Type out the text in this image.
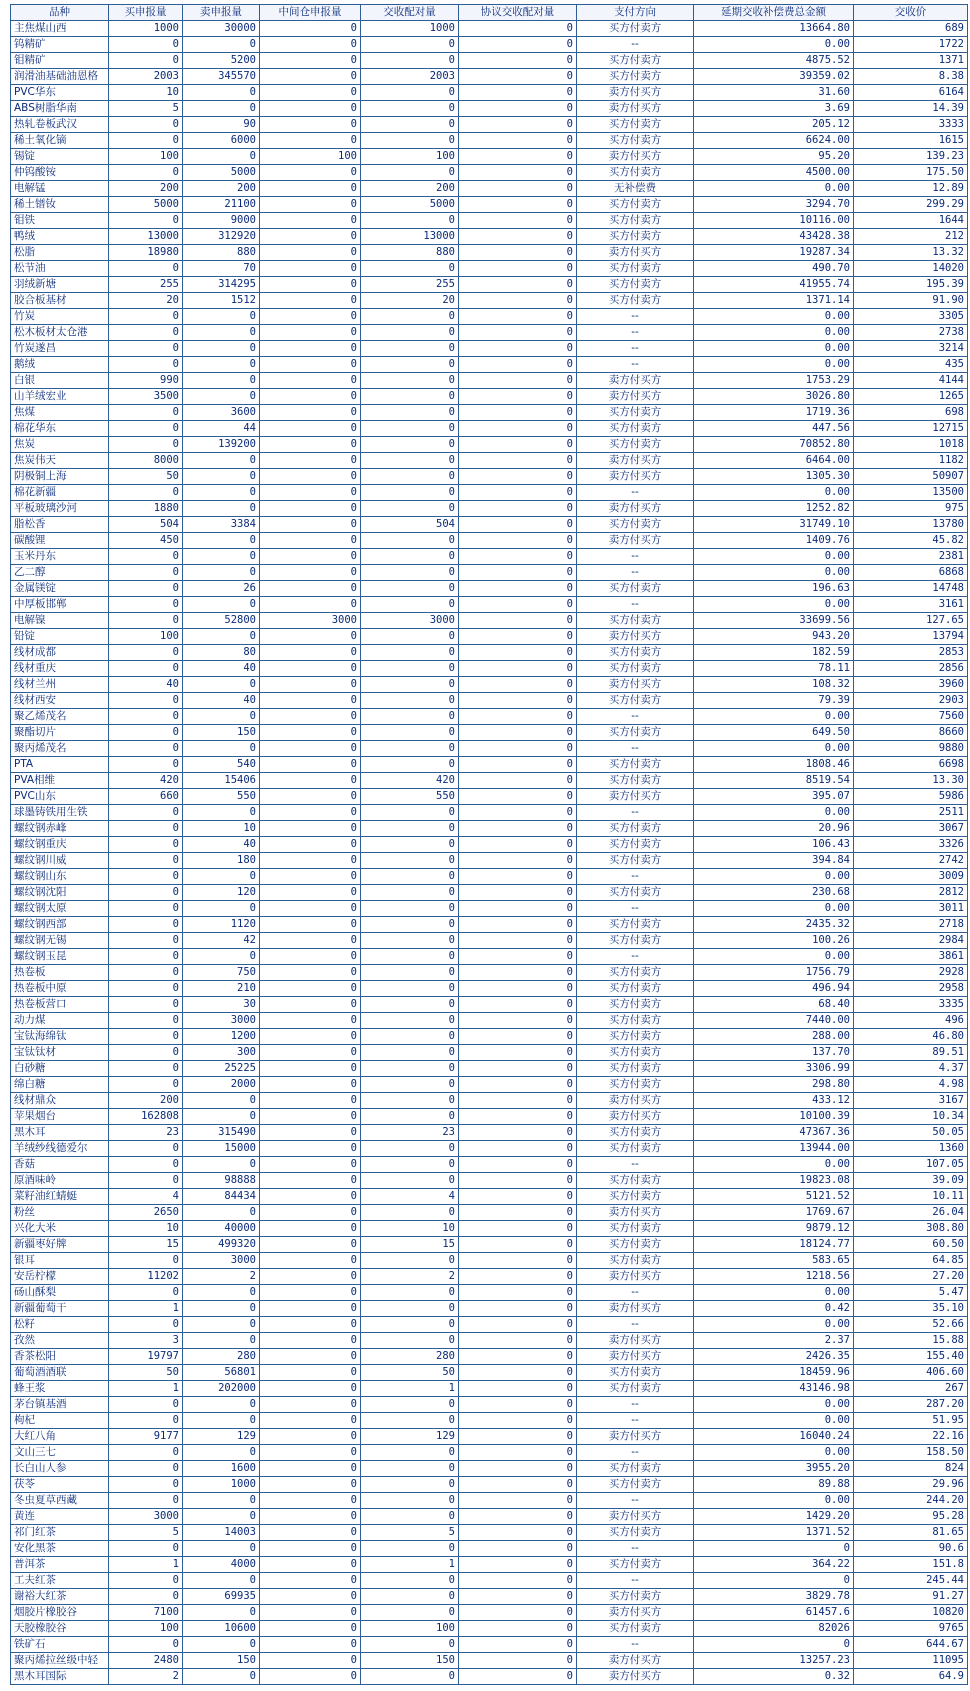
品种	买申报量	卖申报量	中间仓申报量	交收配对量	协议交收配对量	支付方向	延期交收补偿费总金额	交收价
主焦煤山西	1000	30000	0	1000	0	买方付卖方	13664.80	689
钨精矿	0	0	0	0	0	--	0.00	1722
钼精矿	0	5200	0	0	0	买方付卖方	4875.52	1371
润滑油基础油恩格	2003	345570	0	2003	0	买方付卖方	39359.02	8.38
PVC华东	10	0	0	0	0	卖方付买方	31.60	6164
ABS树脂华南	5	0	0	0	0	卖方付买方	3.69	14.39
热轧卷板武汉	0	90	0	0	0	买方付卖方	205.12	3333
稀土氧化镝	0	6000	0	0	0	买方付卖方	6624.00	1615
锡锭	100	0	100	100	0	卖方付买方	95.20	139.23
仲钨酸铵	0	5000	0	0	0	买方付卖方	4500.00	175.50
电解锰	200	200	0	200	0	无补偿费	0.00	12.89
稀土镨钕	5000	21100	0	5000	0	买方付卖方	3294.70	299.29
钼铁	0	9000	0	0	0	买方付卖方	10116.00	1644
鸭绒	13000	312920	0	13000	0	买方付卖方	43428.38	212
松脂	18980	880	0	880	0	卖方付买方	19287.34	13.32
松节油	0	70	0	0	0	买方付卖方	490.70	14020
羽绒新塘	255	314295	0	255	0	买方付卖方	41955.74	195.39
胶合板基材	20	1512	0	20	0	买方付卖方	1371.14	91.90
竹炭	0	0	0	0	0	--	0.00	3305
松木板材太仓港	0	0	0	0	0	--	0.00	2738
竹炭遂昌	0	0	0	0	0	--	0.00	3214
鹅绒	0	0	0	0	0	--	0.00	435
白银	990	0	0	0	0	卖方付买方	1753.29	4144
山羊绒宏业	3500	0	0	0	0	卖方付买方	3026.80	1265
焦煤	0	3600	0	0	0	买方付卖方	1719.36	698
棉花华东	0	44	0	0	0	买方付卖方	447.56	12715
焦炭	0	139200	0	0	0	买方付卖方	70852.80	1018
焦炭伟天	8000	0	0	0	0	卖方付买方	6464.00	1182
阴极铜上海	50	0	0	0	0	卖方付买方	1305.30	50907
棉花新疆	0	0	0	0	0	--	0.00	13500
平板玻璃沙河	1880	0	0	0	0	卖方付买方	1252.82	975
脂松香	504	3384	0	504	0	买方付卖方	31749.10	13780
碳酸锂	450	0	0	0	0	卖方付买方	1409.76	45.82
玉米丹东	0	0	0	0	0	--	0.00	2381
乙二醇	0	0	0	0	0	--	0.00	6868
金属镁锭	0	26	0	0	0	买方付卖方	196.63	14748
中厚板邯郸	0	0	0	0	0	--	0.00	3161
电解镍	0	52800	3000	3000	0	买方付卖方	33699.56	127.65
铅锭	100	0	0	0	0	卖方付买方	943.20	13794
线材成都	0	80	0	0	0	买方付卖方	182.59	2853
线材重庆	0	40	0	0	0	买方付卖方	78.11	2856
线材兰州	40	0	0	0	0	卖方付买方	108.32	3960
线材西安	0	40	0	0	0	买方付卖方	79.39	2903
聚乙烯茂名	0	0	0	0	0	--	0.00	7560
聚酯切片	0	150	0	0	0	买方付卖方	649.50	8660
聚丙烯茂名	0	0	0	0	0	--	0.00	9880
PTA	0	540	0	0	0	买方付卖方	1808.46	6698
PVA相维	420	15406	0	420	0	买方付卖方	8519.54	13.30
PVC山东	660	550	0	550	0	卖方付买方	395.07	5986
球墨铸铁用生铁	0	0	0	0	0	--	0.00	2511
螺纹钢赤峰	0	10	0	0	0	买方付卖方	20.96	3067
螺纹钢重庆	0	40	0	0	0	买方付卖方	106.43	3326
螺纹钢川威	0	180	0	0	0	买方付卖方	394.84	2742
螺纹钢山东	0	0	0	0	0	--	0.00	3009
螺纹钢沈阳	0	120	0	0	0	买方付卖方	230.68	2812
螺纹钢太原	0	0	0	0	0	--	0.00	3011
螺纹钢西部	0	1120	0	0	0	买方付卖方	2435.32	2718
螺纹钢无锡	0	42	0	0	0	买方付卖方	100.26	2984
螺纹钢玉昆	0	0	0	0	0	--	0.00	3861
热卷板	0	750	0	0	0	买方付卖方	1756.79	2928
热卷板中原	0	210	0	0	0	买方付卖方	496.94	2958
热卷板营口	0	30	0	0	0	买方付卖方	68.40	3335
动力煤	0	3000	0	0	0	买方付卖方	7440.00	496
宝钛海绵钛	0	1200	0	0	0	买方付卖方	288.00	46.80
宝钛钛材	0	300	0	0	0	买方付卖方	137.70	89.51
白砂糖	0	25225	0	0	0	买方付卖方	3306.99	4.37
绵白糖	0	2000	0	0	0	买方付卖方	298.80	4.98
线材鼎众	200	0	0	0	0	卖方付买方	433.12	3167
苹果烟台	162808	0	0	0	0	卖方付买方	10100.39	10.34
黑木耳	23	315490	0	23	0	买方付卖方	47367.36	50.05
羊绒纱线德爱尔	0	15000	0	0	0	买方付卖方	13944.00	1360
香菇	0	0	0	0	0	--	0.00	107.05
原酒味岭	0	98888	0	0	0	买方付卖方	19823.08	39.09
菜籽油红蜻蜓	4	84434	0	4	0	买方付卖方	5121.52	10.11
粉丝	2650	0	0	0	0	卖方付买方	1769.67	26.04
兴化大米	10	40000	0	10	0	买方付卖方	9879.12	308.80
新疆枣好牌	15	499320	0	15	0	买方付卖方	18124.77	60.50
银耳	0	3000	0	0	0	买方付卖方	583.65	64.85
安岳柠檬	11202	2	0	2	0	卖方付买方	1218.56	27.20
砀山酥梨	0	0	0	0	0	--	0.00	5.47
新疆葡萄干	1	0	0	0	0	卖方付买方	0.42	35.10
松籽	0	0	0	0	0	--	0.00	52.66
孜然	3	0	0	0	0	卖方付买方	2.37	15.88
香茶松阳	19797	280	0	280	0	卖方付买方	2426.35	155.40
葡萄酒酒联	50	56801	0	50	0	买方付卖方	18459.96	406.60
蜂王浆	1	202000	0	1	0	买方付卖方	43146.98	267
茅台镇基酒	0	0	0	0	0	--	0.00	287.20
枸杞	0	0	0	0	0	--	0.00	51.95
大红八角	9177	129	0	129	0	卖方付买方	16040.24	22.16
文山三七	0	0	0	0	0	--	0.00	158.50
长白山人参	0	1600	0	0	0	买方付卖方	3955.20	824
茯苓	0	1000	0	0	0	买方付卖方	89.88	29.96
冬虫夏草西藏	0	0	0	0	0	--	0.00	244.20
黄连	3000	0	0	0	0	卖方付买方	1429.20	95.28
祁门红茶	5	14003	0	5	0	买方付卖方	1371.52	81.65
安化黑茶	0	0	0	0	0	--	0	90.6
普洱茶	1	4000	0	1	0	买方付卖方	364.22	151.8
工夫红茶	0	0	0	0	0	--	0	245.44
谢裕大红茶	0	69935	0	0	0	买方付卖方	3829.78	91.27
烟胶片橡胶谷	7100	0	0	0	0	卖方付买方	61457.6	10820
天胶橡胶谷	100	10600	0	100	0	买方付卖方	82026	9765
铁矿石	0	0	0	0	0	--	0	644.67
聚丙烯拉丝级中轻	2480	150	0	150	0	卖方付买方	13257.23	11095
黑木耳国际	2	0	0	0	0	卖方付买方	0.32	64.9
